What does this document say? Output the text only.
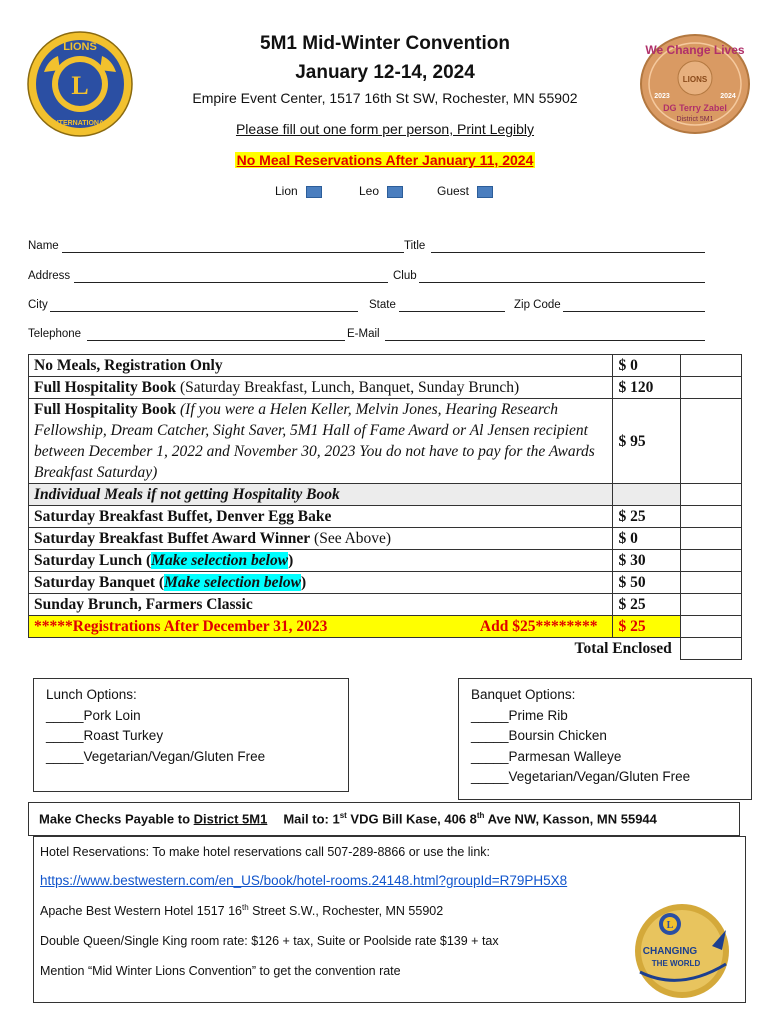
L
LIONS
INTERNATIONAL
LIONS
We Change Lives
2023	2024
DG Terry Zabel
District 5M1
5M1 Mid-Winter Convention
January 12-14, 2024
Empire Event Center, 1517 16th St SW, Rochester, MN 55902
Please fill out one form per person, Print Legibly
No Meal Reservations After January 11, 2024
Lion	Leo	Guest
Name	Title
Address	Club
City	State	Zip Code
Telephone	E-Mail
No Meals, Registration Only	$ 0	
Full Hospitality Book (Saturday Breakfast, Lunch, Banquet, Sunday Brunch)	$ 120	
Full Hospitality Book (If you were a Helen Keller, Melvin Jones, Hearing Research Fellowship, Dream Catcher, Sight Saver, 5M1 Hall of Fame Award or Al Jensen recipient between December 1, 2022 and November 30, 2023 You do not have to pay for the Awards Breakfast Saturday)	$ 95	
Individual Meals if not getting Hospitality Book		
Saturday Breakfast Buffet, Denver Egg Bake	$ 25	
Saturday Breakfast Buffet Award Winner (See Above)	$ 0	
Saturday Lunch (Make selection below)	$ 30	
Saturday Banquet (Make selection below)	$ 50	
Sunday Brunch, Farmers Classic	$ 25	

*****Registrations After December 31, 2023 Add $25********	$ 25	
Total Enclosed		
Lunch Options:
_____Pork Loin
_____Roast Turkey
_____Vegetarian/Vegan/Gluten Free
Banquet Options:
_____Prime Rib
_____Boursin Chicken
_____Parmesan Walleye
_____Vegetarian/Vegan/Gluten Free
Make Checks Payable to District 5M1 Mail to: 1st VDG Bill Kase, 406 8th Ave NW, Kasson, MN 55944
Hotel Reservations: To make hotel reservations call 507-289-8866 or use the link:
https://www.bestwestern.com/en_US/book/hotel-rooms.24148.html?groupId=R79PH5X8
Apache Best Western Hotel 1517 16th Street S.W., Rochester, MN 55902
Double Queen/Single King room rate: $126 + tax, Suite or Poolside rate $139 + tax
Mention “Mid Winter Lions Convention” to get the convention rate
L
CHANGING
THE WORLD
